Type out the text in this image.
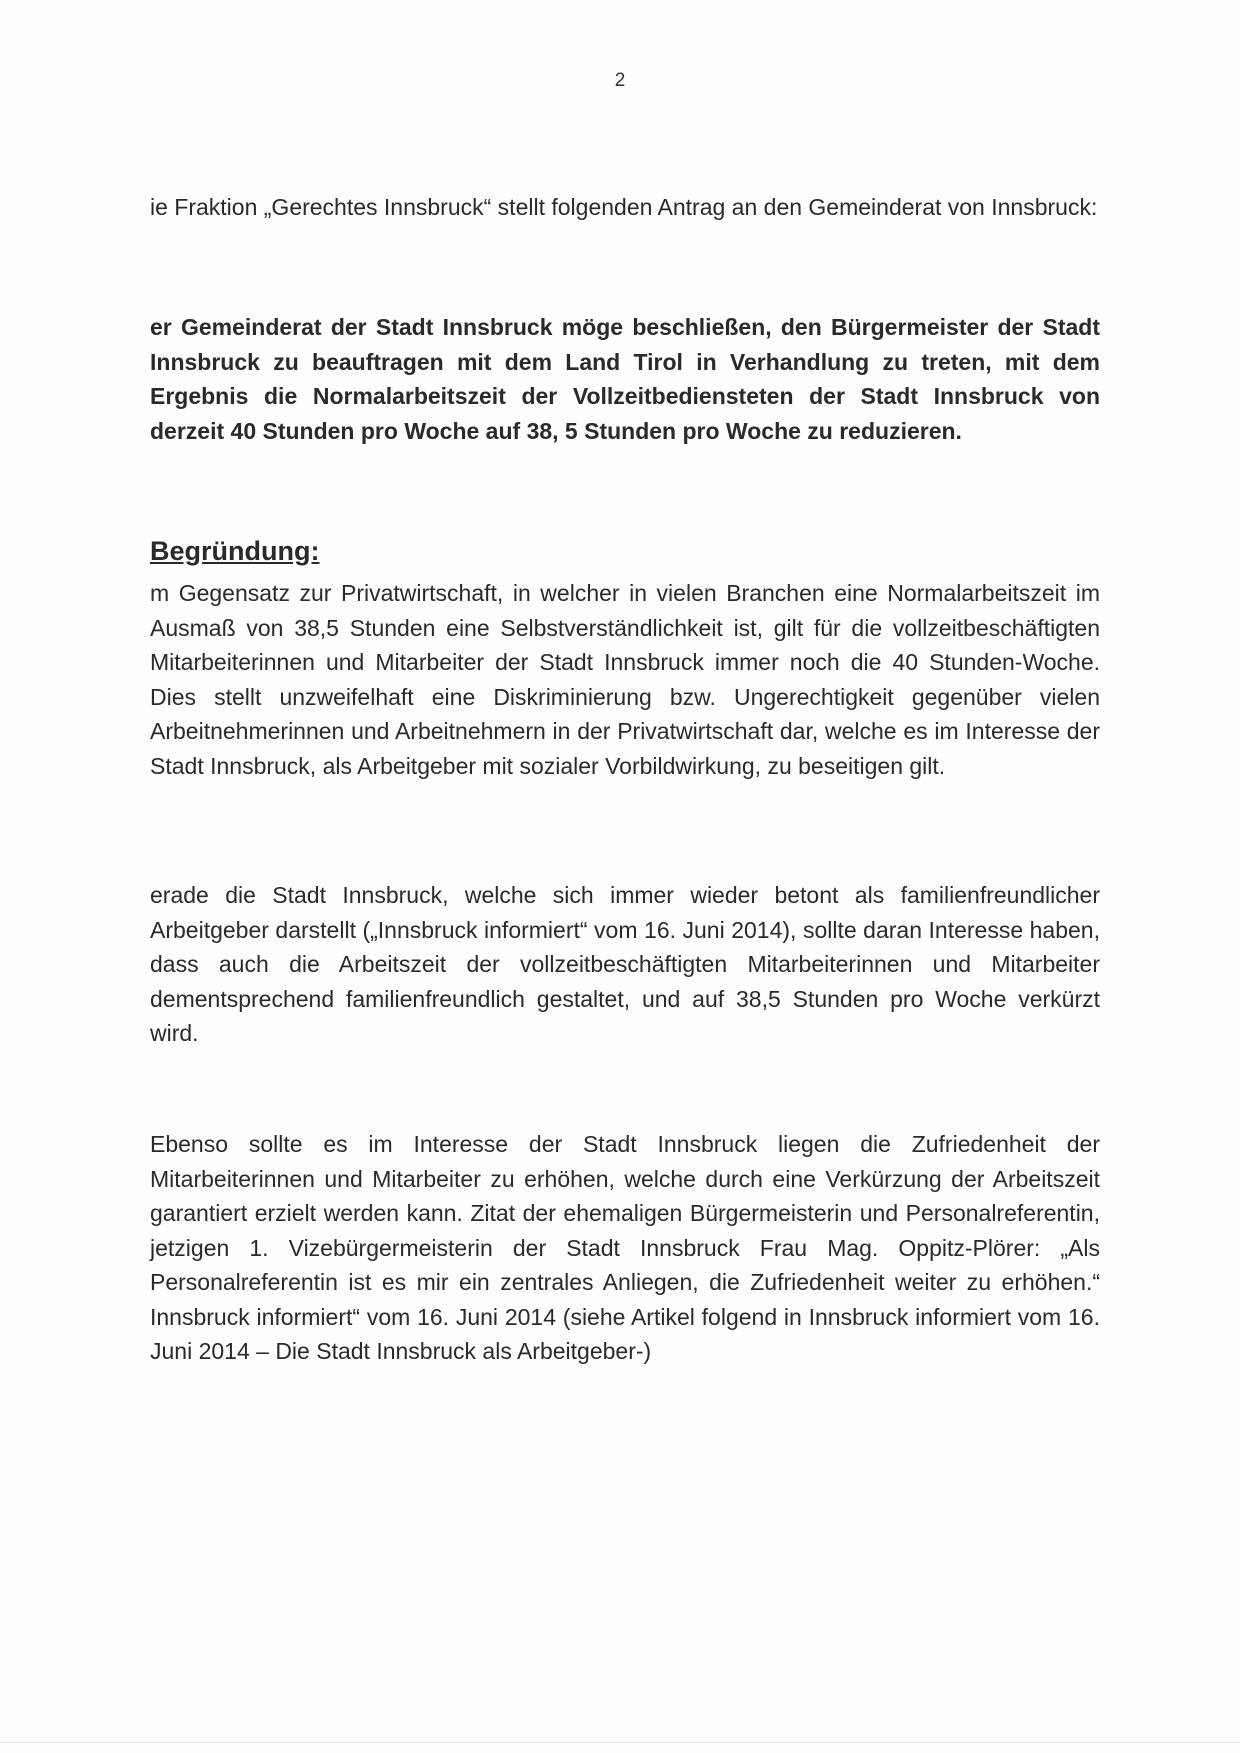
2

ie Fraktion „Gerechtes Innsbruck“ stellt folgenden Antrag an den Gemeinderat von Innsbruck:

er Gemeinderat der Stadt Innsbruck möge beschließen, den Bürgermeister der Stadt Innsbruck zu beauftragen mit dem Land Tirol in Verhandlung zu treten, mit dem Ergebnis die Normalarbeitszeit der Vollzeitbediensteten der Stadt Innsbruck von derzeit 40 Stunden pro Woche auf 38, 5 Stunden pro Woche zu reduzieren.

Begründung:

m Gegensatz zur Privatwirtschaft, in welcher in vielen Branchen eine Normalarbeitszeit im Ausmaß von 38,5 Stunden eine Selbstverständlichkeit ist, gilt für die vollzeitbeschäftigten Mitarbeiterinnen und Mitarbeiter der Stadt Innsbruck immer noch die 40 Stunden-Woche. Dies stellt unzweifelhaft eine Diskriminierung bzw. Ungerechtigkeit gegenüber vielen Arbeitnehmerinnen und Arbeitnehmern in der Privatwirtschaft dar, welche es im Interesse der Stadt Innsbruck, als Arbeitgeber mit sozialer Vorbildwirkung, zu beseitigen gilt.

erade die Stadt Innsbruck, welche sich immer wieder betont als familienfreundlicher Arbeitgeber darstellt („Innsbruck informiert“ vom 16. Juni 2014), sollte daran Interesse haben, dass auch die Arbeitszeit der vollzeitbeschäftigten Mitarbeiterinnen und Mitarbeiter dementsprechend familienfreundlich gestaltet, und auf 38,5 Stunden pro Woche verkürzt wird.

Ebenso sollte es im Interesse der Stadt Innsbruck liegen die Zufriedenheit der Mitarbeiterinnen und Mitarbeiter zu erhöhen, welche durch eine Verkürzung der Arbeitszeit garantiert erzielt werden kann. Zitat der ehemaligen Bürgermeisterin und Personalreferentin, jetzigen 1. Vizebürgermeisterin der Stadt Innsbruck Frau Mag. Oppitz-Plörer: „Als Personalreferentin ist es mir ein zentrales Anliegen, die Zufriedenheit weiter zu erhöhen.“ Innsbruck informiert“ vom 16. Juni 2014 (siehe Artikel folgend in Innsbruck informiert vom 16. Juni 2014 – Die Stadt Innsbruck als Arbeitgeber-)
